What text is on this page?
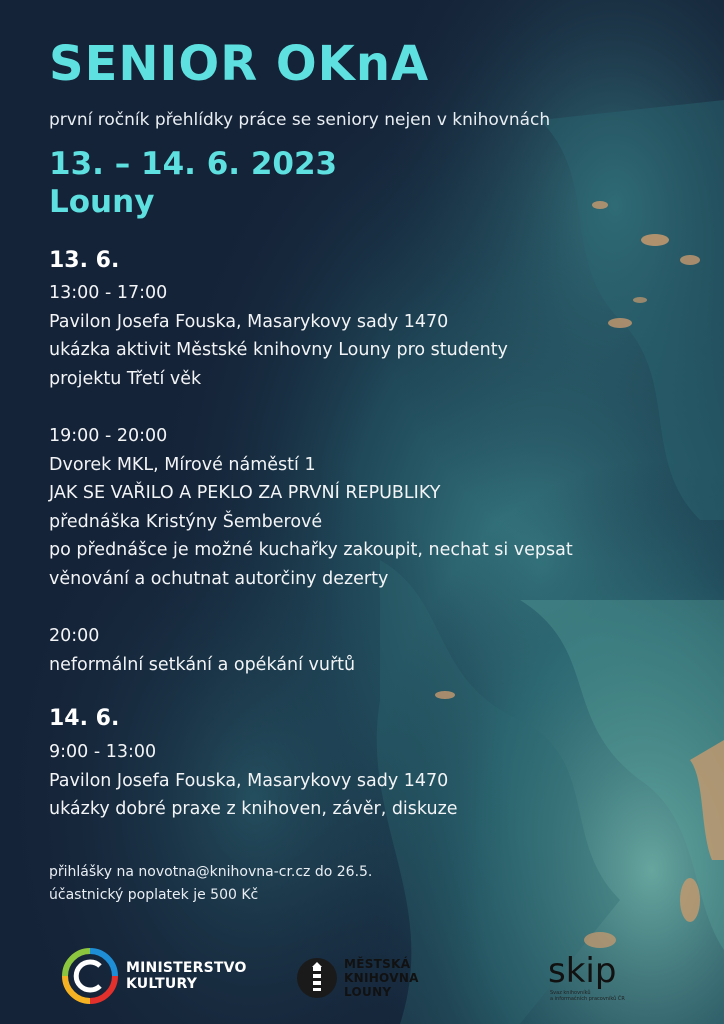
SENIOR OKnA
první ročník přehlídky práce se seniory nejen v knihovnách
13. – 14. 6. 2023
Louny
13. 6.
13:00 - 17:00
Pavilon Josefa Fouska, Masarykovy sady 1470
ukázka aktivit Městské knihovny Louny pro studenty
projektu Třetí věk
19:00 - 20:00
Dvorek MKL, Mírové náměstí 1
JAK SE VAŘILO A PEKLO ZA PRVNÍ REPUBLIKY
přednáška Kristýny Šemberové
po přednášce je možné kuchařky zakoupit, nechat si vepsat
věnování a ochutnat autorčiny dezerty
20:00
neformální setkání a opékání vuřtů
14. 6.
9:00 - 13:00
Pavilon Josefa Fouska, Masarykovy sady 1470
ukázky dobré praxe z knihoven, závěr, diskuze
přihlášky na novotna@knihovna-cr.cz do 26.5.
účastnický poplatek je 500 Kč
MINISTERSTVO
KULTURY
MĚSTSKÁ
KNIHOVNA
LOUNY
skip
Svaz knihovníků
a informačních pracovníků ČR
